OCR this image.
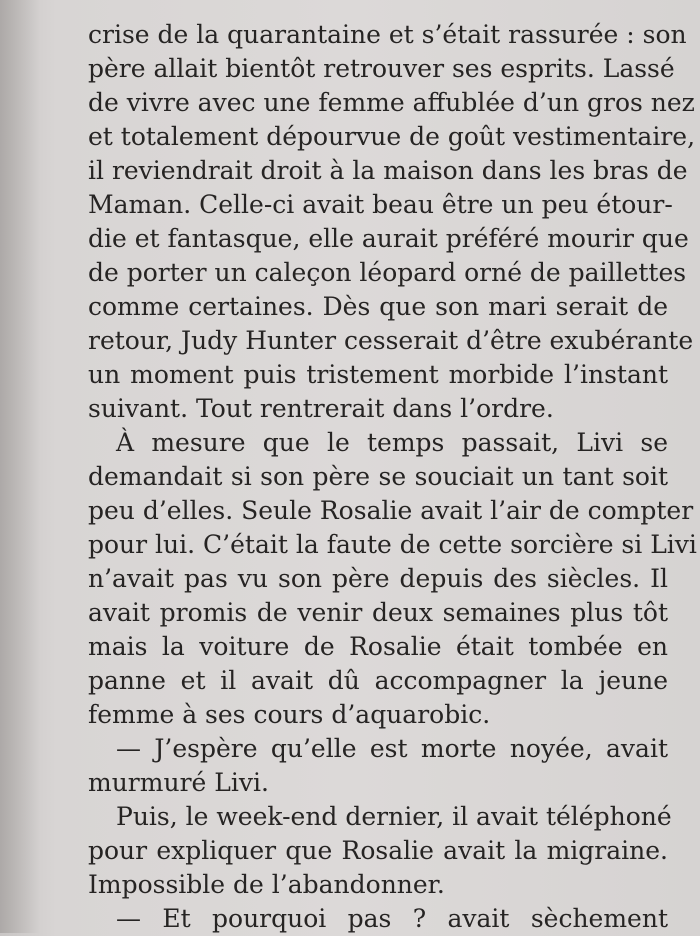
crise de la quarantaine et s’était rassurée : son
père allait bientôt retrouver ses esprits. Lassé
de vivre avec une femme affublée d’un gros nez
et totalement dépourvue de goût vestimentaire,
il reviendrait droit à la maison dans les bras de
Maman. Celle-ci avait beau être un peu étour-
die et fantasque, elle aurait préféré mourir que
de porter un caleçon léopard orné de paillettes
comme certaines. Dès que son mari serait de
retour, Judy Hunter cesserait d’être exubérante
un moment puis tristement morbide l’instant
suivant. Tout rentrerait dans l’ordre.
À mesure que le temps passait, Livi se
demandait si son père se souciait un tant soit
peu d’elles. Seule Rosalie avait l’air de compter
pour lui. C’était la faute de cette sorcière si Livi
n’avait pas vu son père depuis des siècles. Il
avait promis de venir deux semaines plus tôt
mais la voiture de Rosalie était tombée en
panne et il avait dû accompagner la jeune
femme à ses cours d’aquarobic.
— J’espère qu’elle est morte noyée, avait
murmuré Livi.
Puis, le week-end dernier, il avait téléphoné
pour expliquer que Rosalie avait la migraine.
Impossible de l’abandonner.
— Et pourquoi pas ? avait sèchement
